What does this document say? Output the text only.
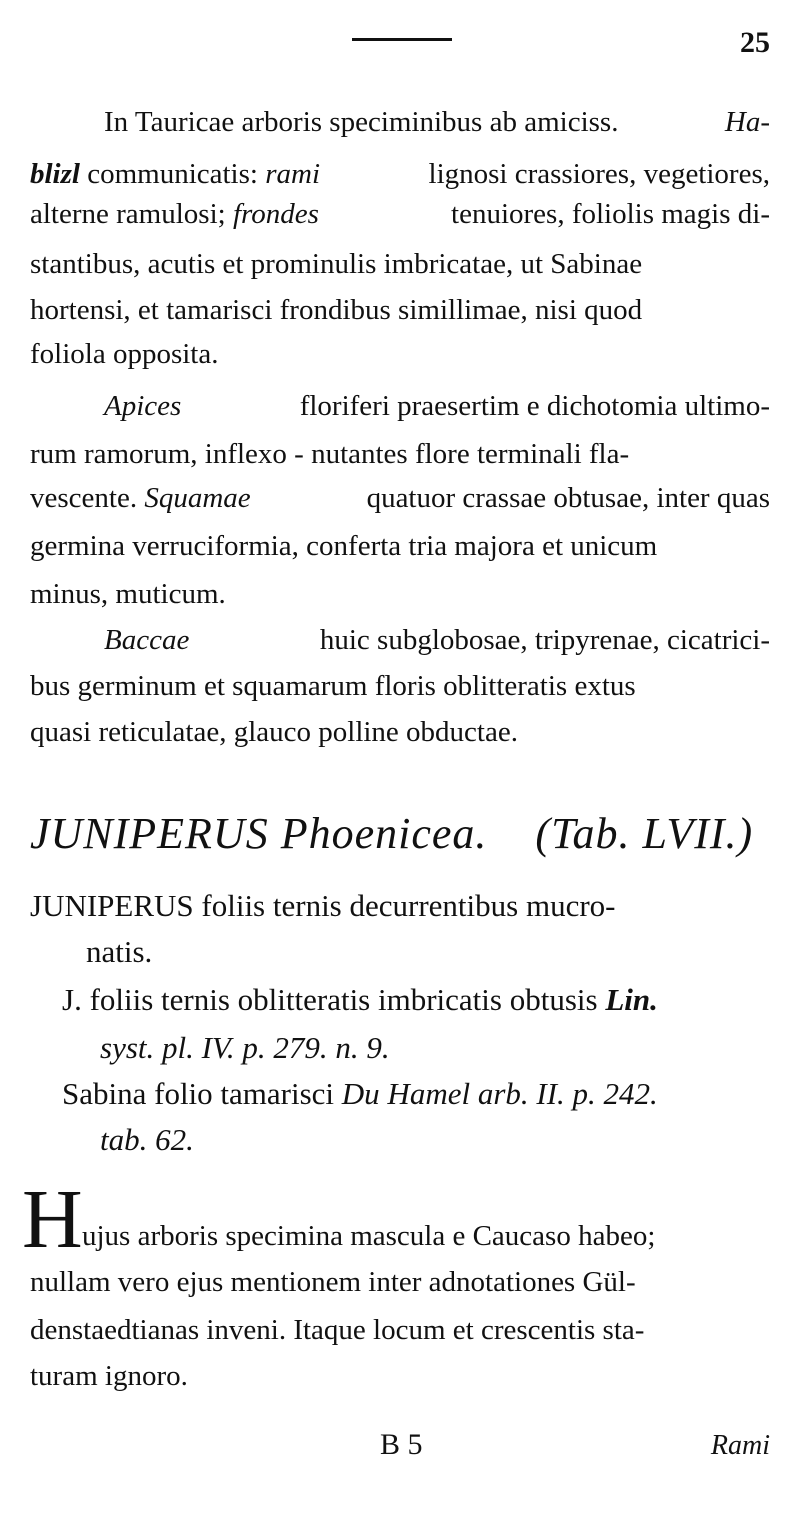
25
In Tauricae arboris speciminibus ab amiciss.	Ha-
blizl communicatis: rami	lignosi crassiores, vegetiores,
alterne ramulosi; frondes	tenuiores, foliolis magis di-
stantibus, acutis et prominulis imbricatae, ut Sabinae
hortensi, et tamarisci frondibus simillimae, nisi quod
foliola opposita.
Apices	floriferi praesertim e dichotomia ultimo-
rum ramorum, inflexo - nutantes flore terminali fla-
vescente. Squamae	quatuor crassae obtusae, inter quas
germina verruciformia, conferta tria majora et unicum
minus, muticum.
Baccae	huic subglobosae, tripyrenae, cicatrici-
bus germinum et squamarum floris oblitteratis extus
quasi reticulatae, glauco polline obductae.
JUNIPERUS Phoenicea. (Tab. LVII.)
JUNIPERUS foliis ternis decurrentibus mucro-
natis.
J. foliis ternis oblitteratis imbricatis obtusis Lin.
syst. pl. IV. p. 279. n. 9.
Sabina folio tamarisci Du Hamel arb. II. p. 242.
tab. 62.
H ujus arboris specimina mascula e Caucaso habeo;
nullam vero ejus mentionem inter adnotationes Gül-
denstaedtianas inveni. Itaque locum et crescentis sta-
turam ignoro.
B 5	Rami
